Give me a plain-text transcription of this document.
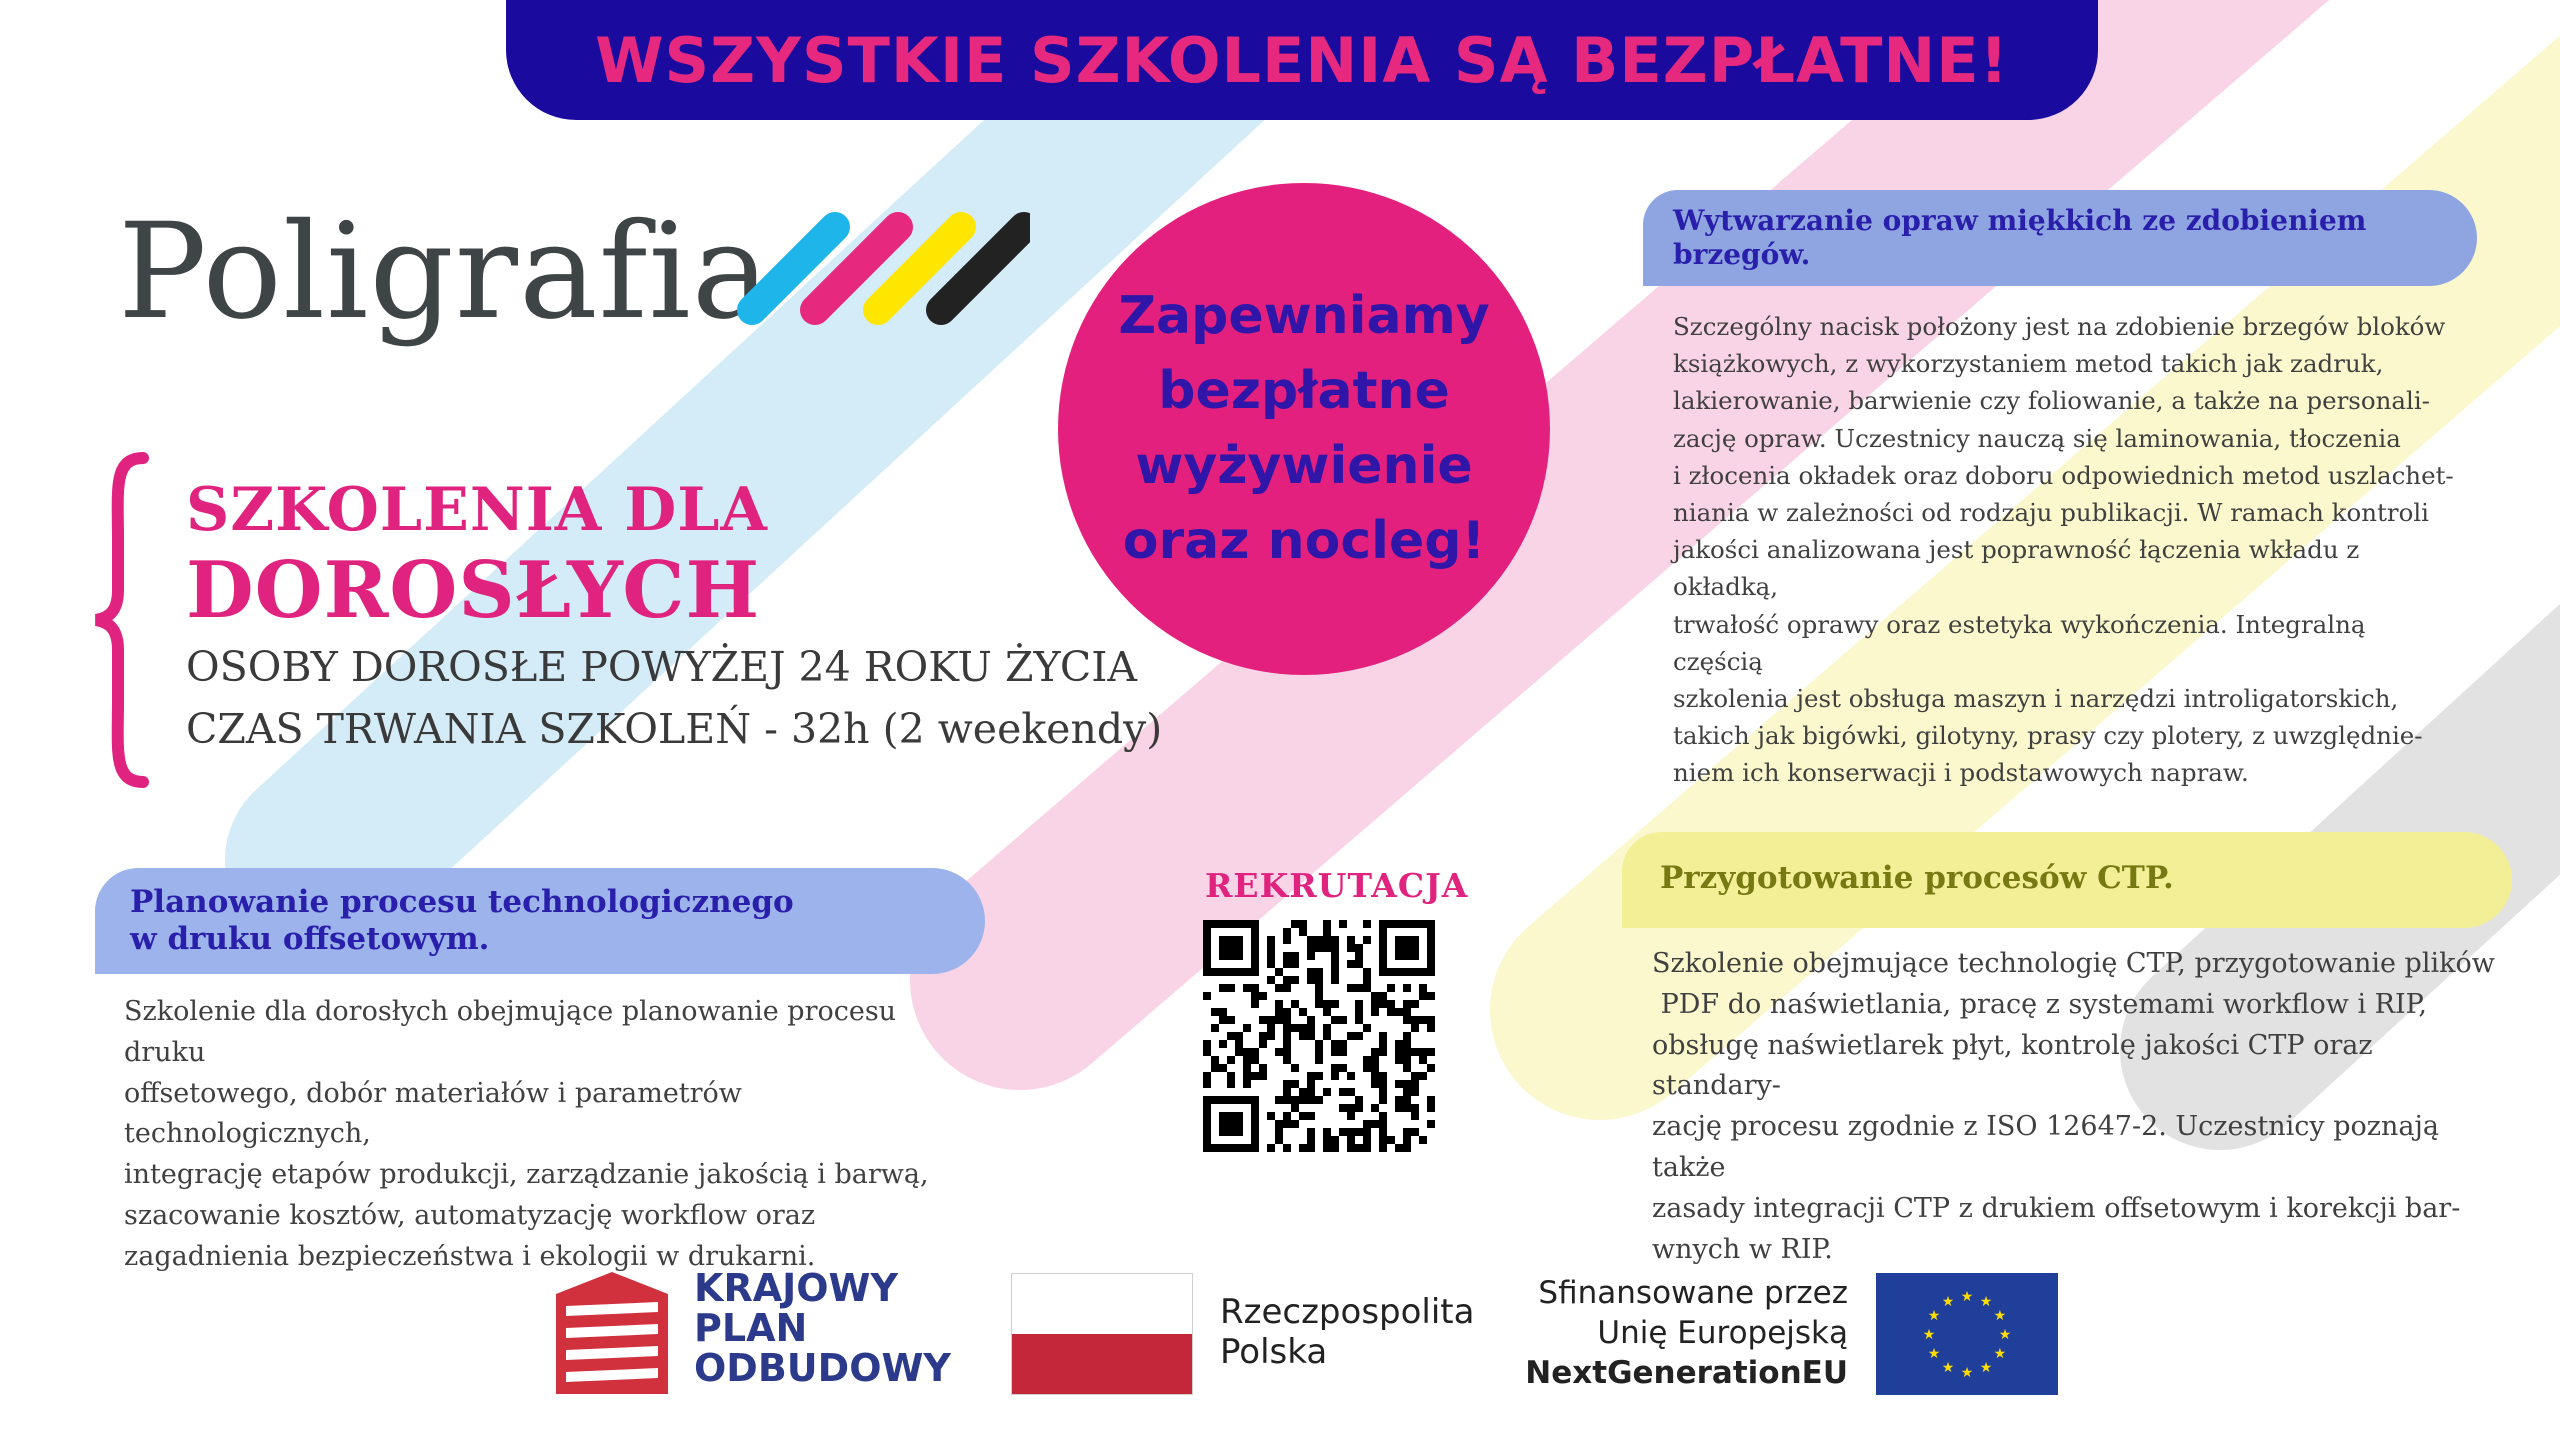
WSZYSTKIE SZKOLENIA SĄ BEZPŁATNE!
Poligrafia	Zapewniamy bezpłatne wyżywienie oraz nocleg!
SZKOLENIA DLA
DOROSŁYCH
OSOBY DOROSŁE POWYŻEJ 24 ROKU ŻYCIA
CZAS TRWANIA SZKOLEŃ - 32h (2 weekendy)
Wytwarzanie opraw miękkich ze zdobieniem brzegów.
Szczególny nacisk położony jest na zdobienie brzegów bloków
książkowych, z wykorzystaniem metod takich jak zadruk,
lakierowanie, barwienie czy foliowanie, a także na personali-
zację opraw. Uczestnicy nauczą się laminowania, tłoczenia
i złocenia okładek oraz doboru odpowiednich metod uszlachet-
niania w zależności od rodzaju publikacji. W ramach kontroli
jakości analizowana jest poprawność łączenia wkładu z okładką,
trwałość oprawy oraz estetyka wykończenia. Integralną częścią
szkolenia jest obsługa maszyn i narzędzi introligatorskich,
takich jak bigówki, gilotyny, prasy czy plotery, z uwzględnie-
niem ich konserwacji i podstawowych napraw.
Planowanie procesu technologicznego
w druku offsetowym.
Szkolenie dla dorosłych obejmujące planowanie procesu druku
offsetowego, dobór materiałów i parametrów technologicznych,
integrację etapów produkcji, zarządzanie jakością i barwą,
szacowanie kosztów, automatyzację workflow oraz
zagadnienia bezpieczeństwa i ekologii w drukarni.
REKRUTACJA	Przygotowanie procesów CTP.
Szkolenie obejmujące technologię CTP, przygotowanie plików
PDF do naświetlania, pracę z systemami workflow i RIP,
obsługę naświetlarek płyt, kontrolę jakości CTP oraz standary-
zację procesu zgodnie z ISO 12647-2. Uczestnicy poznają także
zasady integracji CTP z drukiem offsetowym i korekcji bar-
wnych w RIP.
KRAJOWY
PLAN
ODBUDOWY
Rzeczpospolita
Polska
Sfinansowane przez
Unię Europejską
NextGenerationEU
★ ★
★
★
★
★
★
★
★
★
★
★
